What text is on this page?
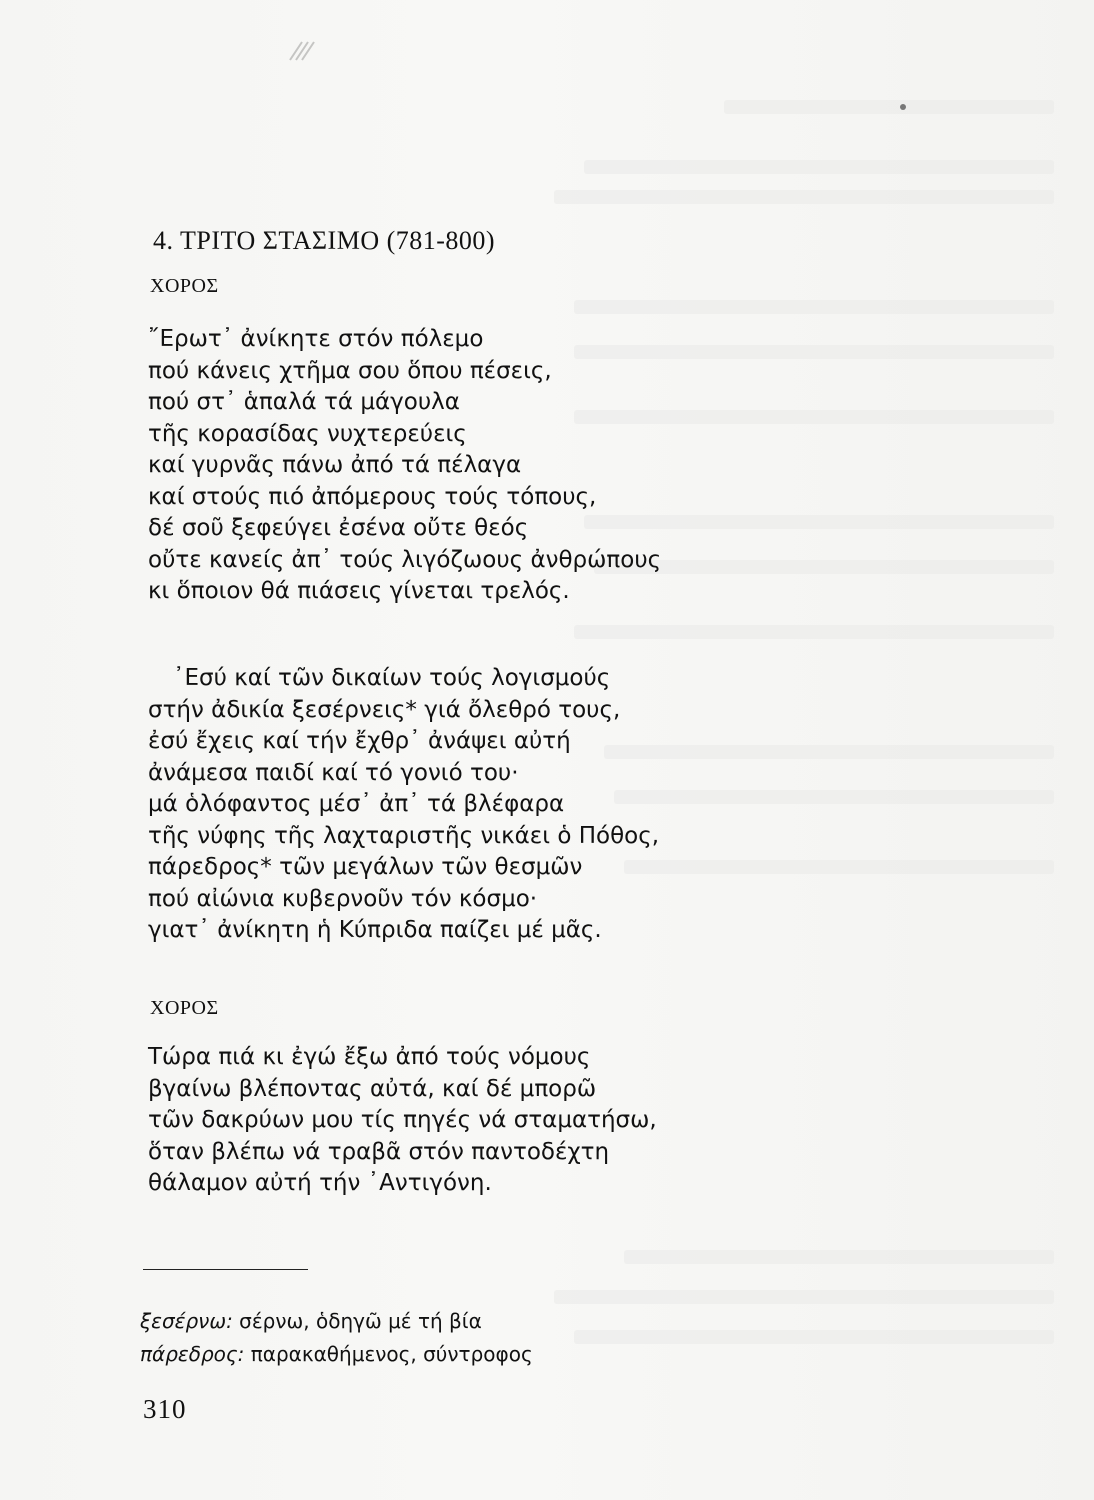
4. ΤΡΙΤΟ ΣΤΑΣΙΜΟ (781-800)
ΧΟΡΟΣ
῎Ερωτ᾿ ἀνίκητε στόν πόλεμο
πού κάνεις χτῆμα σου ὅπου πέσεις,
πού στ᾿ ἁπαλά τά μάγουλα
τῆς κορασίδας νυχτερεύεις
καί γυρνᾶς πάνω ἀπό τά πέλαγα
καί στούς πιό ἀπόμερους τούς τόπους,
δέ σοῦ ξεφεύγει ἐσένα οὔτε θεός
οὔτε κανείς ἀπ᾿ τούς λιγόζωους ἀνθρώπους
κι ὅποιον θά πιάσεις γίνεται τρελός.
᾿Εσύ καί τῶν δικαίων τούς λογισμούς
στήν ἀδικία ξεσέρνεις* γιά ὄλεθρό τους,
ἐσύ ἔχεις καί τήν ἔχθρ᾿ ἀνάψει αὐτή
ἀνάμεσα παιδί καί τό γονιό του·
μά ὁλόφαντος μέσ᾿ ἀπ᾿ τά βλέφαρα
τῆς νύφης τῆς λαχταριστῆς νικάει ὁ Πόθος,
πάρεδρος* τῶν μεγάλων τῶν θεσμῶν
πού αἰώνια κυβερνοῦν τόν κόσμο·
γιατ᾿ ἀνίκητη ἡ Κύπριδα παίζει μέ μᾶς.
ΧΟΡΟΣ
Τώρα πιά κι ἐγώ ἔξω ἀπό τούς νόμους
βγαίνω βλέποντας αὐτά, καί δέ μπορῶ
τῶν δακρύων μου τίς πηγές νά σταματήσω,
ὅταν βλέπω νά τραβᾶ στόν παντοδέχτη
θάλαμον αὐτή τήν ᾿Αντιγόνη.
ξεσέρνω: σέρνω, ὁδηγῶ μέ τή βία
πάρεδρος: παρακαθήμενος, σύντροφος
310
